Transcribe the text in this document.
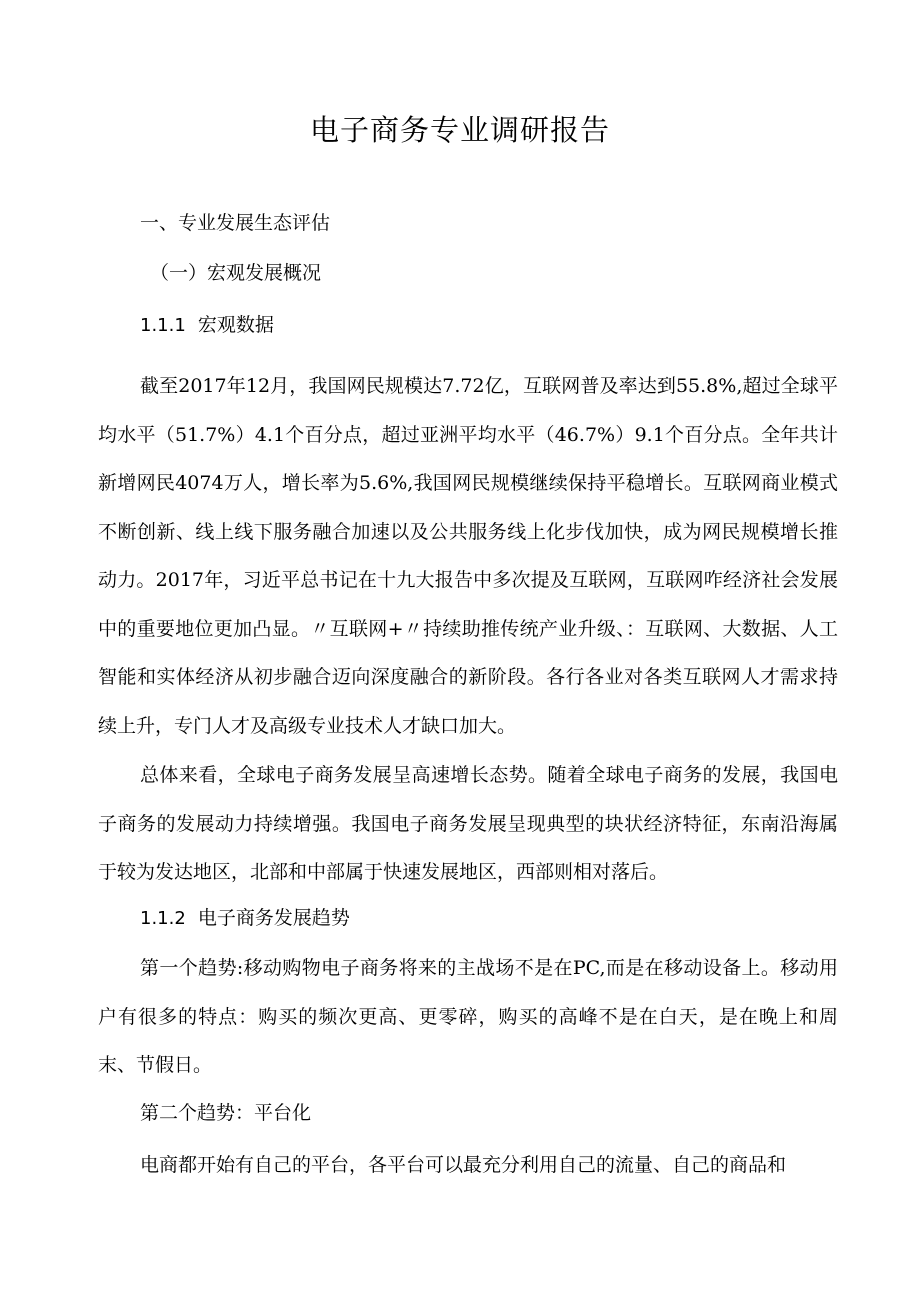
电子商务专业调研报告
一、专业发展生态评估
（一）宏观发展概况
1.1.1 宏观数据

截至2017年12月，我国网民规模达7.72亿，互联网普及率达到55.8%,超过全球平均水平（51.7%）4.1个百分点，超过亚洲平均水平（46.7%）9.1个百分点。全年共计新增网民4074万人，增长率为5.6%,我国网民规模继续保持平稳增长。互联网商业模式不断创新、线上线下服务融合加速以及公共服务线上化步伐加快，成为网民规模增长推动力。2017年，习近平总书记在十九大报告中多次提及互联网，互联网咋经济社会发展中的重要地位更加凸显。〃互联网+〃持续助推传统产业升级、：互联网、大数据、人工智能和实体经济从初步融合迈向深度融合的新阶段。各行各业对各类互联网人才需求持续上升，专门人才及高级专业技术人才缺口加大。

总体来看，全球电子商务发展呈高速增长态势。随着全球电子商务的发展，我国电子商务的发展动力持续增强。我国电子商务发展呈现典型的块状经济特征，东南沿海属于较为发达地区，北部和中部属于快速发展地区，西部则相对落后。

1.1.2 电子商务发展趋势

第一个趋势:移动购物电子商务将来的主战场不是在PC,而是在移动设备上。移动用户有很多的特点：购买的频次更高、更零碎，购买的高峰不是在白天，是在晚上和周末、节假日。

第二个趋势：平台化

电商都开始有自己的平台，各平台可以最充分利用自己的流量、自己的商品和
